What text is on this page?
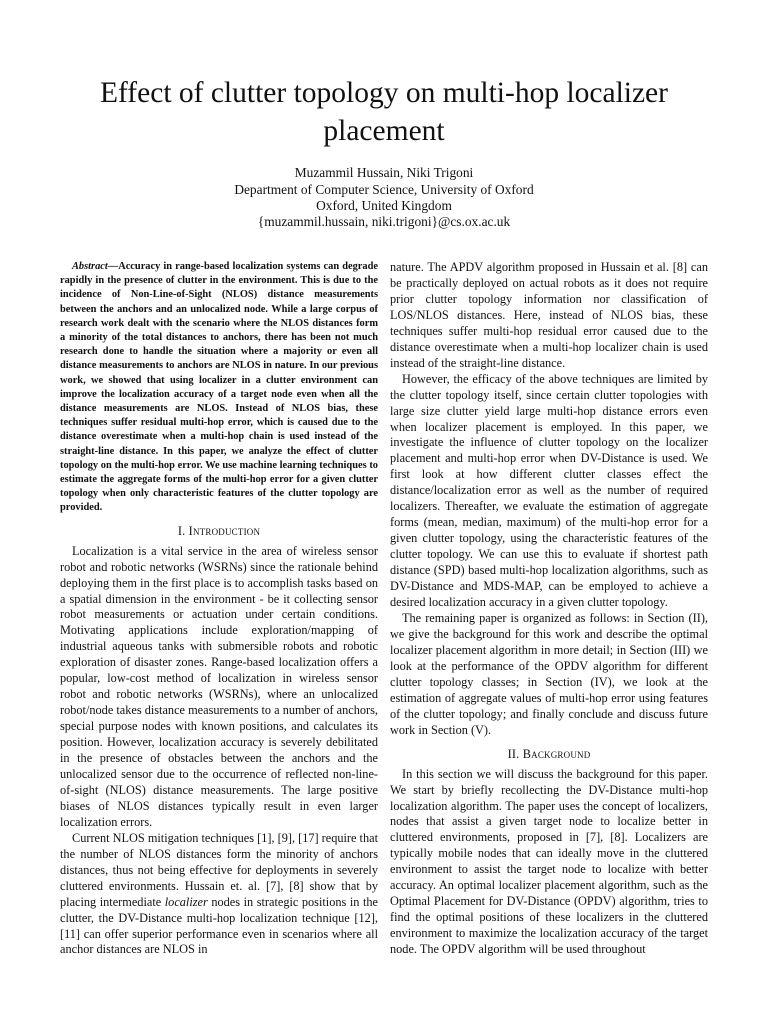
Effect of clutter topology on multi-hop localizer placement
Muzammil Hussain, Niki Trigoni
Department of Computer Science, University of Oxford
Oxford, United Kingdom
{muzammil.hussain, niki.trigoni}@cs.ox.ac.uk

Abstract—Accuracy in range-based localization systems can degrade rapidly in the presence of clutter in the environment. This is due to the incidence of Non-Line-of-Sight (NLOS) distance measurements between the anchors and an unlocalized node. While a large corpus of research work dealt with the scenario where the NLOS distances form a minority of the total distances to anchors, there has been not much research done to handle the situation where a majority or even all distance measurements to anchors are NLOS in nature. In our previous work, we showed that using localizer in a clutter environment can improve the localization accuracy of a target node even when all the distance measurements are NLOS. Instead of NLOS bias, these techniques suffer residual multi-hop error, which is caused due to the distance overestimate when a multi-hop chain is used instead of the straight-line distance. In this paper, we analyze the effect of clutter topology on the multi-hop error. We use machine learning techniques to estimate the aggregate forms of the multi-hop error for a given clutter topology when only characteristic features of the clutter topology are provided.

I. Introduction

Localization is a vital service in the area of wireless sensor robot and robotic networks (WSRNs) since the rationale behind deploying them in the first place is to accomplish tasks based on a spatial dimension in the environment - be it collecting sensor robot measurements or actuation under certain conditions. Motivating applications include exploration/mapping of industrial aqueous tanks with submersible robots and robotic exploration of disaster zones. Range-based localization offers a popular, low-cost method of localization in wireless sensor robot and robotic networks (WSRNs), where an unlocalized robot/node takes distance measurements to a number of anchors, special purpose nodes with known positions, and calculates its position. However, localization accuracy is severely debilitated in the presence of obstacles between the anchors and the unlocalized sensor due to the occurrence of reflected non-line-of-sight (NLOS) distance measurements. The large positive biases of NLOS distances typically result in even larger localization errors.

Current NLOS mitigation techniques [1], [9], [17] require that the number of NLOS distances form the minority of anchors distances, thus not being effective for deployments in severely cluttered environments. Hussain et. al. [7], [8] show that by placing intermediate localizer nodes in strategic positions in the clutter, the DV-Distance multi-hop localization technique [12], [11] can offer superior performance even in scenarios where all anchor distances are NLOS in

nature. The APDV algorithm proposed in Hussain et al. [8] can be practically deployed on actual robots as it does not require prior clutter topology information nor classification of LOS/NLOS distances. Here, instead of NLOS bias, these techniques suffer multi-hop residual error caused due to the distance overestimate when a multi-hop localizer chain is used instead of the straight-line distance.

However, the efficacy of the above techniques are limited by the clutter topology itself, since certain clutter topologies with large size clutter yield large multi-hop distance errors even when localizer placement is employed. In this paper, we investigate the influence of clutter topology on the localizer placement and multi-hop error when DV-Distance is used. We first look at how different clutter classes effect the distance/localization error as well as the number of required localizers. Thereafter, we evaluate the estimation of aggregate forms (mean, median, maximum) of the multi-hop error for a given clutter topology, using the characteristic features of the clutter topology. We can use this to evaluate if shortest path distance (SPD) based multi-hop localization algorithms, such as DV-Distance and MDS-MAP, can be employed to achieve a desired localization accuracy in a given clutter topology.

The remaining paper is organized as follows: in Section (II), we give the background for this work and describe the optimal localizer placement algorithm in more detail; in Section (III) we look at the performance of the OPDV algorithm for different clutter topology classes; in Section (IV), we look at the estimation of aggregate values of multi-hop error using features of the clutter topology; and finally conclude and discuss future work in Section (V).

II. Background

In this section we will discuss the background for this paper. We start by briefly recollecting the DV-Distance multi-hop localization algorithm. The paper uses the concept of localizers, nodes that assist a given target node to localize better in cluttered environments, proposed in [7], [8]. Localizers are typically mobile nodes that can ideally move in the cluttered environment to assist the target node to localize with better accuracy. An optimal localizer placement algorithm, such as the Optimal Placement for DV-Distance (OPDV) algorithm, tries to find the optimal positions of these localizers in the cluttered environment to maximize the localization accuracy of the target node. The OPDV algorithm will be used throughout
